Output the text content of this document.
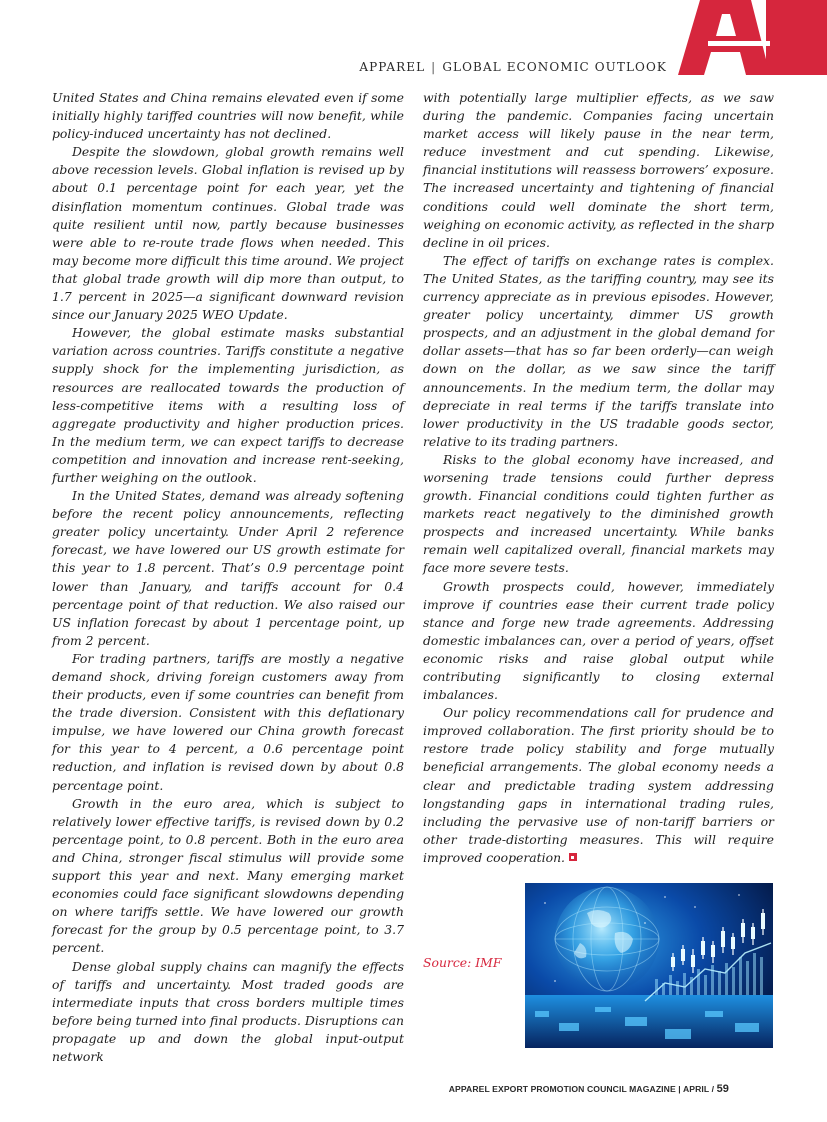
APPAREL | GLOBAL ECONOMIC OUTLOOK

United States and China remains elevated even if some initially highly tariffed countries will now benefit, while policy-induced uncertainty has not declined.

Despite the slowdown, global growth remains well above recession levels. Global inflation is revised up by about 0.1 percentage point for each year, yet the disinflation momentum continues. Global trade was quite resilient until now, partly because businesses were able to re-route trade flows when needed. This may become more difficult this time around. We project that global trade growth will dip more than output, to 1.7 percent in 2025—a significant downward revision since our January 2025 WEO Update.

However, the global estimate masks substantial variation across countries. Tariffs constitute a negative supply shock for the implementing jurisdiction, as resources are reallocated towards the production of less-competitive items with a resulting loss of aggregate productivity and higher production prices. In the medium term, we can expect tariffs to decrease competition and innovation and increase rent-seeking, further weighing on the outlook.

In the United States, demand was already softening before the recent policy announcements, reflecting greater policy uncertainty. Under April 2 reference forecast, we have lowered our US growth estimate for this year to 1.8 percent. That’s 0.9 percentage point lower than January, and tariffs account for 0.4 percentage point of that reduction. We also raised our US inflation forecast by about 1 percentage point, up from 2 percent.

For trading partners, tariffs are mostly a negative demand shock, driving foreign customers away from their products, even if some countries can benefit from the trade diversion. Consistent with this deflationary impulse, we have lowered our China growth forecast for this year to 4 percent, a 0.6 percentage point reduction, and inflation is revised down by about 0.8 percentage point.

Growth in the euro area, which is subject to relatively lower effective tariffs, is revised down by 0.2 percentage point, to 0.8 percent. Both in the euro area and China, stronger fiscal stimulus will provide some support this year and next. Many emerging market economies could face significant slowdowns depending on where tariffs settle. We have lowered our growth forecast for the group by 0.5 percentage point, to 3.7 percent.

Dense global supply chains can magnify the effects of tariffs and uncertainty. Most traded goods are intermediate inputs that cross borders multiple times before being turned into final products. Disruptions can propagate up and down the global input-output network

with potentially large multiplier effects, as we saw during the pandemic. Companies facing uncertain market access will likely pause in the near term, reduce investment and cut spending. Likewise, financial institutions will reassess borrowers’ exposure. The increased uncertainty and tightening of financial conditions could well dominate the short term, weighing on economic activity, as reflected in the sharp decline in oil prices.

The effect of tariffs on exchange rates is complex. The United States, as the tariffing country, may see its currency appreciate as in previous episodes. However, greater policy uncertainty, dimmer US growth prospects, and an adjustment in the global demand for dollar assets—that has so far been orderly—can weigh down on the dollar, as we saw since the tariff announcements. In the medium term, the dollar may depreciate in real terms if the tariffs translate into lower productivity in the US tradable goods sector, relative to its trading partners.

Risks to the global economy have increased, and worsening trade tensions could further depress growth. Financial conditions could tighten further as markets react negatively to the diminished growth prospects and increased uncertainty. While banks remain well capitalized overall, financial markets may face more severe tests.

Growth prospects could, however, immediately improve if countries ease their current trade policy stance and forge new trade agreements. Addressing domestic imbalances can, over a period of years, offset economic risks and raise global output while contributing significantly to closing external imbalances.

Our policy recommendations call for prudence and improved collaboration. The first priority should be to restore trade policy stability and forge mutually beneficial arrangements. The global economy needs a clear and predictable trading system addressing longstanding gaps in international trading rules, including the pervasive use of non-tariff barriers or other trade-distorting measures. This will require improved cooperation.

Source: IMF
APPAREL EXPORT PROMOTION COUNCIL MAGAZINE | APRIL / 59
